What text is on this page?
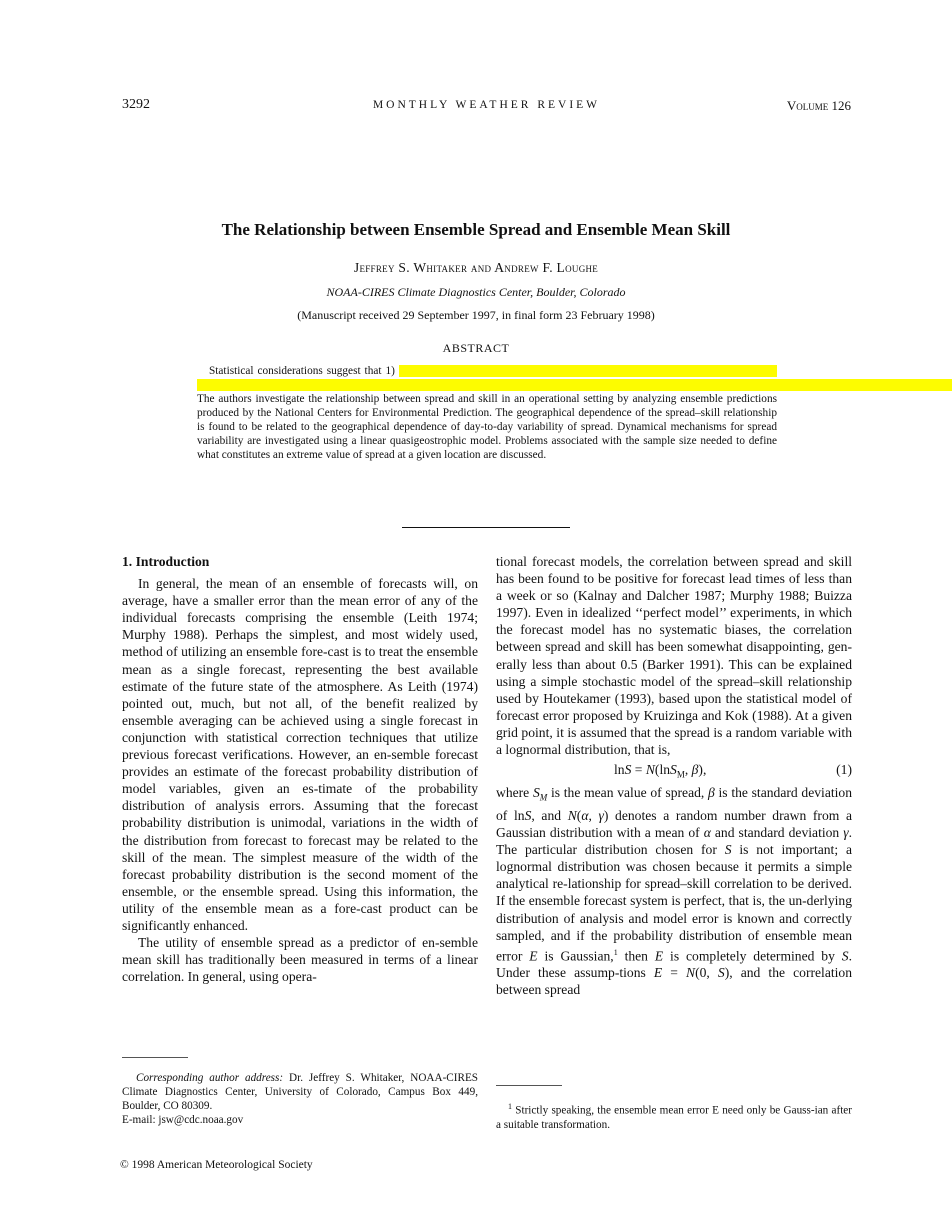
3292	MONTHLY WEATHER REVIEW	Volume 126
The Relationship between Ensemble Spread and Ensemble Mean Skill
Jeffrey S. Whitaker and Andrew F. Loughe
NOAA-CIRES Climate Diagnostics Center, Boulder, Colorado
(Manuscript received 29 September 1997, in final form 23 February 1998)
ABSTRACT
Statistical considerations suggest that 1)                                                                                                                                                                                                                                                                                                                                                                                                                                                                                                                                                                                                                                                                                                                                           The authors investigate the relationship between spread and skill in an operational setting by analyzing ensemble predictions produced by the National Centers for Environmental Prediction. The geographical dependence of the spread–skill relationship is found to be related to the geographical dependence of day-to-day variability of spread. Dynamical mechanisms for spread variability are investigated using a linear quasigeostrophic model. Problems associated with the sample size needed to define what constitutes an extreme value of spread at a given location are discussed.

1. Introduction

In general, the mean of an ensemble of forecasts will, on average, have a smaller error than the mean error of any of the individual forecasts comprising the ensemble (Leith 1974; Murphy 1988). Perhaps the simplest, and most widely used, method of utilizing an ensemble fore-cast is to treat the ensemble mean as a single forecast, representing the best available estimate of the future state of the atmosphere. As Leith (1974) pointed out, much, but not all, of the benefit realized by ensemble averaging can be achieved using a single forecast in conjunction with statistical correction techniques that utilize previous forecast verifications. However, an en-semble forecast provides an estimate of the forecast probability distribution of model variables, given an es-timate of the probability distribution of analysis errors. Assuming that the forecast probability distribution is unimodal, variations in the width of the distribution from forecast to forecast may be related to the skill of the mean. The simplest measure of the width of the forecast probability distribution is the second moment of the ensemble, or the ensemble spread. Using this information, the utility of the ensemble mean as a fore-cast product can be significantly enhanced.

The utility of ensemble spread as a predictor of en-semble mean skill has traditionally been measured in terms of a linear correlation. In general, using opera-

Corresponding author address: Dr. Jeffrey S. Whitaker, NOAA-CIRES Climate Diagnostics Center, University of Colorado, Campus Box 449, Boulder, CO 80309.
E-mail: jsw@cdc.noaa.gov

tional forecast models, the correlation between spread and skill has been found to be positive for forecast lead times of less than a week or so (Kalnay and Dalcher 1987; Murphy 1988; Buizza 1997). Even in idealized ‘‘perfect model’’ experiments, in which the forecast model has no systematic biases, the correlation between spread and skill has been somewhat disappointing, gen-erally less than about 0.5 (Barker 1991). This can be explained using a simple stochastic model of the spread–skill relationship used by Houtekamer (1993), based upon the statistical model of forecast error proposed by Kruizinga and Kok (1988). At a given grid point, it is assumed that the spread is a random variable with a lognormal distribution, that is,

lnS = N(lnS$_M$, β),	(1)

where $S_M$ is the mean value of spread, β is the standard deviation of lnS, and N(α, γ) denotes a random number drawn from a Gaussian distribution with a mean of α and standard deviation γ. The particular distribution chosen for S is not important; a lognormal distribution was chosen because it permits a simple analytical re-lationship for spread–skill correlation to be derived. If the ensemble forecast system is perfect, that is, the un-derlying distribution of analysis and model error is known and correctly sampled, and if the probability distribution of ensemble mean error E is Gaussian,$^1$ then E is completely determined by S. Under these assump-tions E = N(0, S), and the correlation between spread

$^1$ Strictly speaking, the ensemble mean error E need only be Gauss-ian after a suitable transformation.
© 1998 American Meteorological Society
